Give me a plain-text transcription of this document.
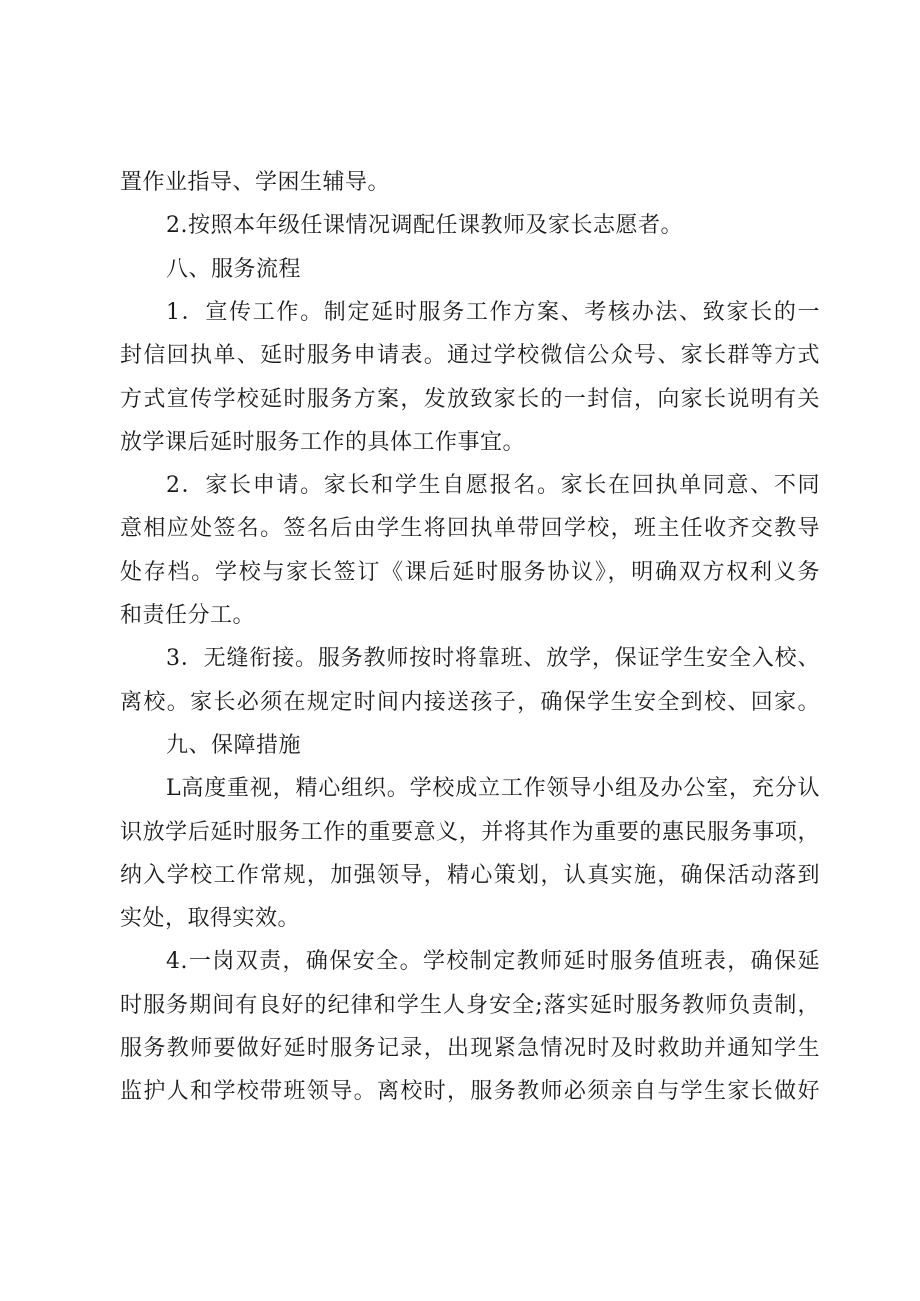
置作业指导、学困生辅导。
2.按照本年级任课情况调配任课教师及家长志愿者。
八、服务流程
1．宣传工作。制定延时服务工作方案、考核办法、致家长的一
封信回执单、延时服务申请表。通过学校微信公众号、家长群等方式
方式宣传学校延时服务方案，发放致家长的一封信，向家长说明有关
放学课后延时服务工作的具体工作事宜。
2．家长申请。家长和学生自愿报名。家长在回执单同意、不同
意相应处签名。签名后由学生将回执单带回学校，班主任收齐交教导
处存档。学校与家长签订《课后延时服务协议》，明确双方权利义务
和责任分工。
3．无缝衔接。服务教师按时将靠班、放学，保证学生安全入校、
离校。家长必须在规定时间内接送孩子，确保学生安全到校、回家。
九、保障措施
L高度重视，精心组织。学校成立工作领导小组及办公室，充分认
识放学后延时服务工作的重要意义，并将其作为重要的惠民服务事项，
纳入学校工作常规，加强领导，精心策划，认真实施，确保活动落到
实处，取得实效。
4.一岗双责，确保安全。学校制定教师延时服务值班表，确保延
时服务期间有良好的纪律和学生人身安全;落实延时服务教师负责制，
服务教师要做好延时服务记录，出现紧急情况时及时救助并通知学生
监护人和学校带班领导。离校时，服务教师必须亲自与学生家长做好
